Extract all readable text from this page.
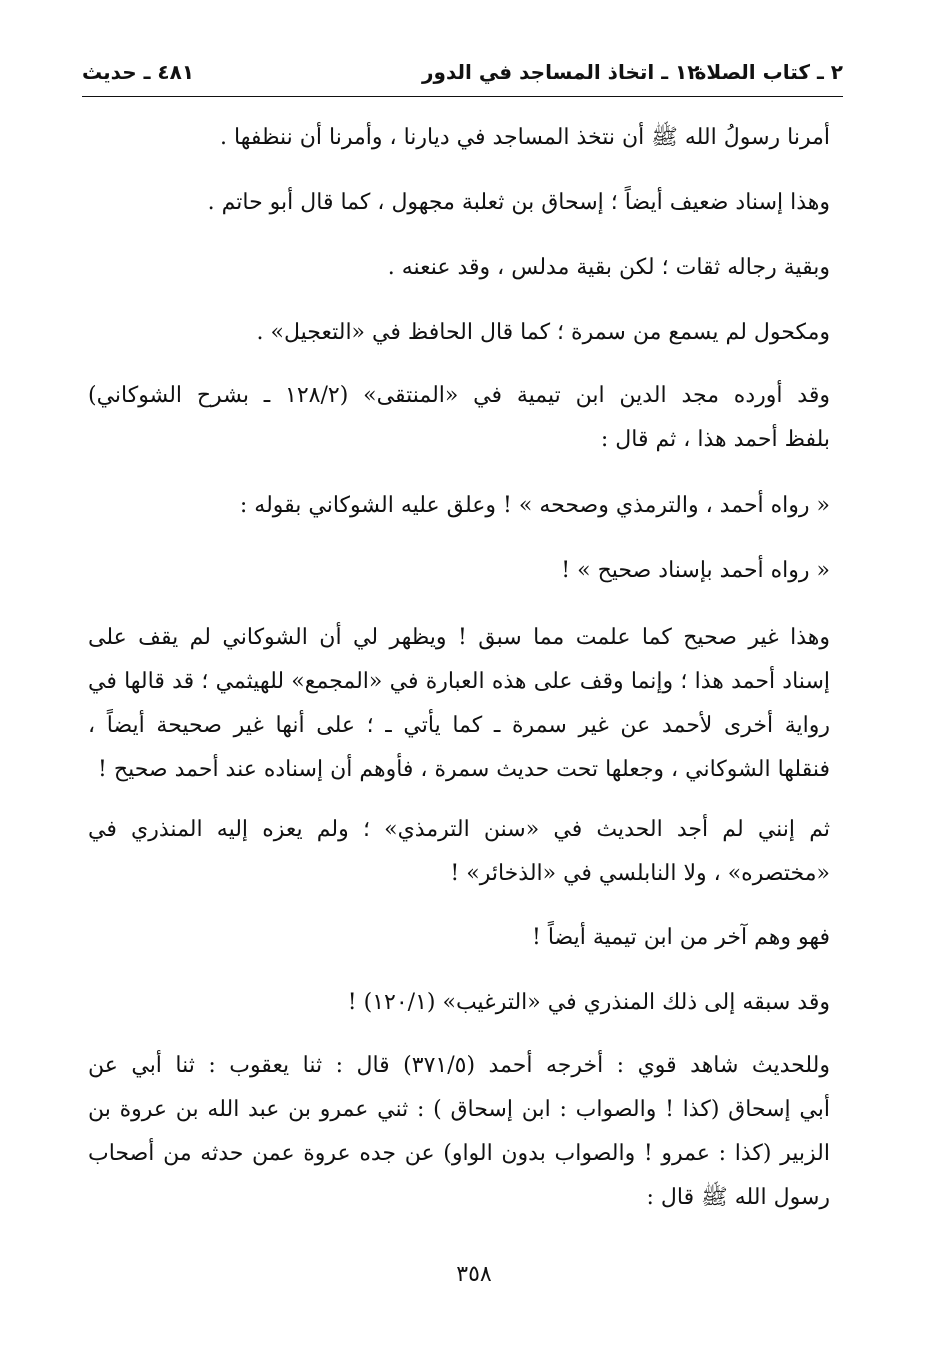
٢ ـ كتاب الصلاة
١٢ ـ اتخاذ المساجد في الدور
٤٨١ ـ حديث

أمرنا رسولُ الله ﷺ أن نتخذ المساجد في ديارنا ، وأمرنا أن ننظفها .

وهذا إسناد ضعيف أيضاً ؛ إسحاق بن ثعلبة مجهول ، كما قال أبو حاتم .

وبقية رجاله ثقات ؛ لكن بقية مدلس ، وقد عنعنه .

ومكحول لم يسمع من سمرة ؛ كما قال الحافظ في «التعجيل» .

وقد أورده مجد الدين ابن تيمية في «المنتقى» (١٢٨/٢ ـ بشرح الشوكاني)
بلفظ أحمد هذا ، ثم قال :

« رواه أحمد ، والترمذي وصححه » ! وعلق عليه الشوكاني بقوله :

« رواه أحمد بإسناد صحيح » !

وهذا غير صحيح كما علمت مما سبق ! ويظهر لي أن الشوكاني لم يقف على
إسناد أحمد هذا ؛ وإنما وقف على هذه العبارة في «المجمع» للهيثمي ؛ قد قالها في
رواية أخرى لأحمد عن غير سمرة ـ كما يأتي ـ ؛ على أنها غير صحيحة أيضاً ،
فنقلها الشوكاني ، وجعلها تحت حديث سمرة ، فأوهم أن إسناده عند أحمد صحيح !

ثم إنني لم أجد الحديث في «سنن الترمذي» ؛ ولم يعزه إليه المنذري في
«مختصره» ، ولا النابلسي في «الذخائر» !

فهو وهم آخر من ابن تيمية أيضاً !

وقد سبقه إلى ذلك المنذري في «الترغيب» (١٢٠/١) !

وللحديث شاهد قوي : أخرجه أحمد (٣٧١/٥) قال : ثنا يعقوب : ثنا أبي عن
أبي إسحاق (كذا ! والصواب : ابن إسحاق ) : ثني عمرو بن عبد الله بن عروة بن
الزبير (كذا : عمرو ! والصواب بدون الواو) عن جده عروة عمن حدثه من أصحاب
رسول الله ﷺ قال :

٣٥٨
